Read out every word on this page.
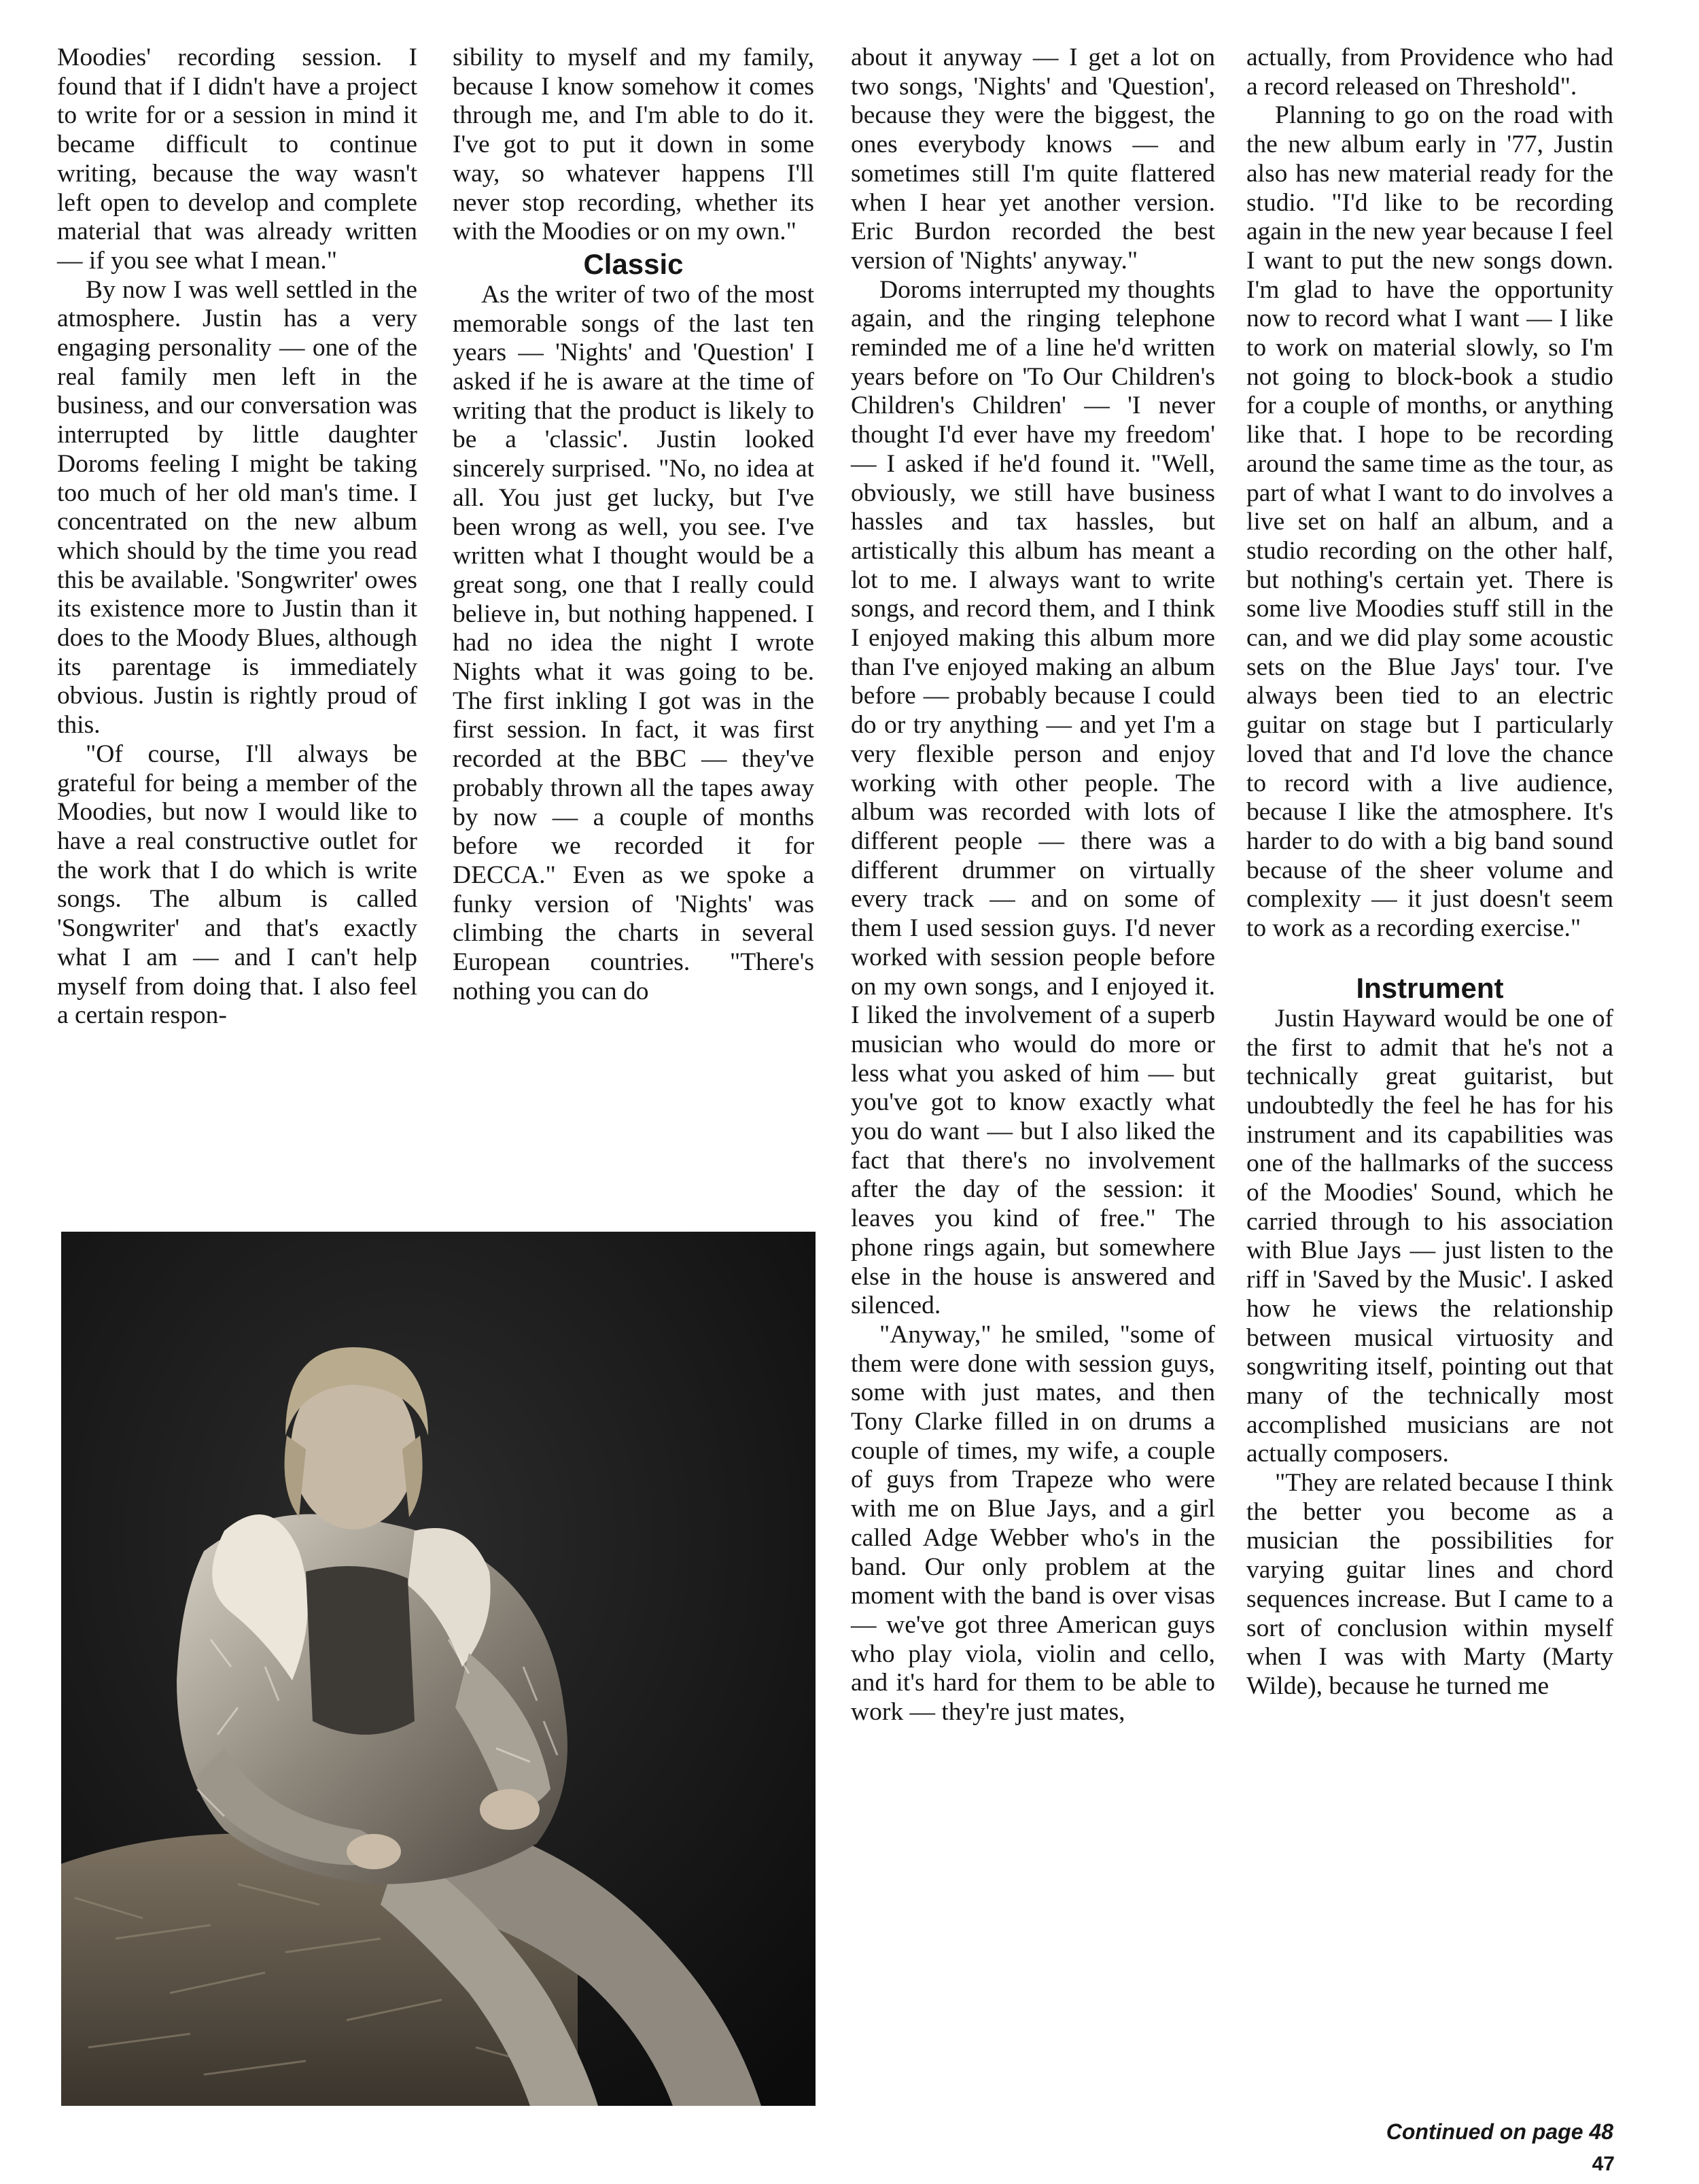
Moodies' recording session. I found that if I didn't have a project to write for or a session in mind it became difficult to continue writing, because the way wasn't left open to develop and complete material that was already written — if you see what I mean."

By now I was well settled in the atmosphere. Justin has a very engaging personality — one of the real family men left in the business, and our conversation was interrupted by little daughter Doroms feeling I might be taking too much of her old man's time. I concentrated on the new album which should by the time you read this be available. 'Songwriter' owes its existence more to Justin than it does to the Moody Blues, although its parentage is immediately obvious. Justin is rightly proud of this.

"Of course, I'll always be grateful for being a member of the Moodies, but now I would like to have a real constructive outlet for the work that I do which is write songs. The album is called 'Songwriter' and that's exactly what I am — and I can't help myself from doing that. I also feel a certain respon-

sibility to myself and my family, because I know somehow it comes through me, and I'm able to do it. I've got to put it down in some way, so whatever happens I'll never stop recording, whether its with the Moodies or on my own."

Classic

As the writer of two of the most memorable songs of the last ten years — 'Nights' and 'Question' I asked if he is aware at the time of writing that the product is likely to be a 'classic'. Justin looked sincerely surprised. "No, no idea at all. You just get lucky, but I've been wrong as well, you see. I've written what I thought would be a great song, one that I really could believe in, but nothing happened. I had no idea the night I wrote Nights what it was going to be. The first inkling I got was in the first session. In fact, it was first recorded at the BBC — they've probably thrown all the tapes away by now — a couple of months before we recorded it for DECCA." Even as we spoke a funky version of 'Nights' was climbing the charts in several European countries. "There's nothing you can do

about it anyway — I get a lot on two songs, 'Nights' and 'Question', because they were the biggest, the ones everybody knows — and sometimes still I'm quite flattered when I hear yet another version. Eric Burdon recorded the best version of 'Nights' anyway."

Doroms interrupted my thoughts again, and the ringing telephone reminded me of a line he'd written years before on 'To Our Children's Children's Children' — 'I never thought I'd ever have my freedom' — I asked if he'd found it. "Well, obviously, we still have business hassles and tax hassles, but artistically this album has meant a lot to me. I always want to write songs, and record them, and I think I enjoyed making this album more than I've enjoyed making an album before — probably because I could do or try anything — and yet I'm a very flexible person and enjoy working with other people. The album was recorded with lots of different people — there was a different drummer on virtually every track — and on some of them I used session guys. I'd never worked with session people before on my own songs, and I enjoyed it. I liked the involvement of a superb musician who would do more or less what you asked of him — but you've got to know exactly what you do want — but I also liked the fact that there's no involvement after the day of the session: it leaves you kind of free." The phone rings again, but somewhere else in the house is answered and silenced.

"Anyway," he smiled, "some of them were done with session guys, some with just mates, and then Tony Clarke filled in on drums a couple of times, my wife, a couple of guys from Trapeze who were with me on Blue Jays, and a girl called Adge Webber who's in the band. Our only problem at the moment with the band is over visas — we've got three American guys who play viola, violin and cello, and it's hard for them to be able to work — they're just mates,

actually, from Providence who had a record released on Threshold".

Planning to go on the road with the new album early in '77, Justin also has new material ready for the studio. "I'd like to be recording again in the new year because I feel I want to put the new songs down. I'm glad to have the opportunity now to record what I want — I like to work on material slowly, so I'm not going to block-book a studio for a couple of months, or anything like that. I hope to be recording around the same time as the tour, as part of what I want to do involves a live set on half an album, and a studio recording on the other half, but nothing's certain yet. There is some live Moodies stuff still in the can, and we did play some acoustic sets on the Blue Jays' tour. I've always been tied to an electric guitar on stage but I particularly loved that and I'd love the chance to record with a live audience, because I like the atmosphere. It's harder to do with a big band sound because of the sheer volume and complexity — it just doesn't seem to work as a recording exercise."

Instrument

Justin Hayward would be one of the first to admit that he's not a technically great guitarist, but undoubtedly the feel he has for his instrument and its capabilities was one of the hallmarks of the success of the Moodies' Sound, which he carried through to his association with Blue Jays — just listen to the riff in 'Saved by the Music'. I asked how he views the relationship between musical virtuosity and songwriting itself, pointing out that many of the technically most accomplished musicians are not actually composers.

"They are related because I think the better you become as a musician the possibilities for varying guitar lines and chord sequences increase. But I came to a sort of conclusion within myself when I was with Marty (Marty Wilde), because he turned me

Continued on page 48
47
